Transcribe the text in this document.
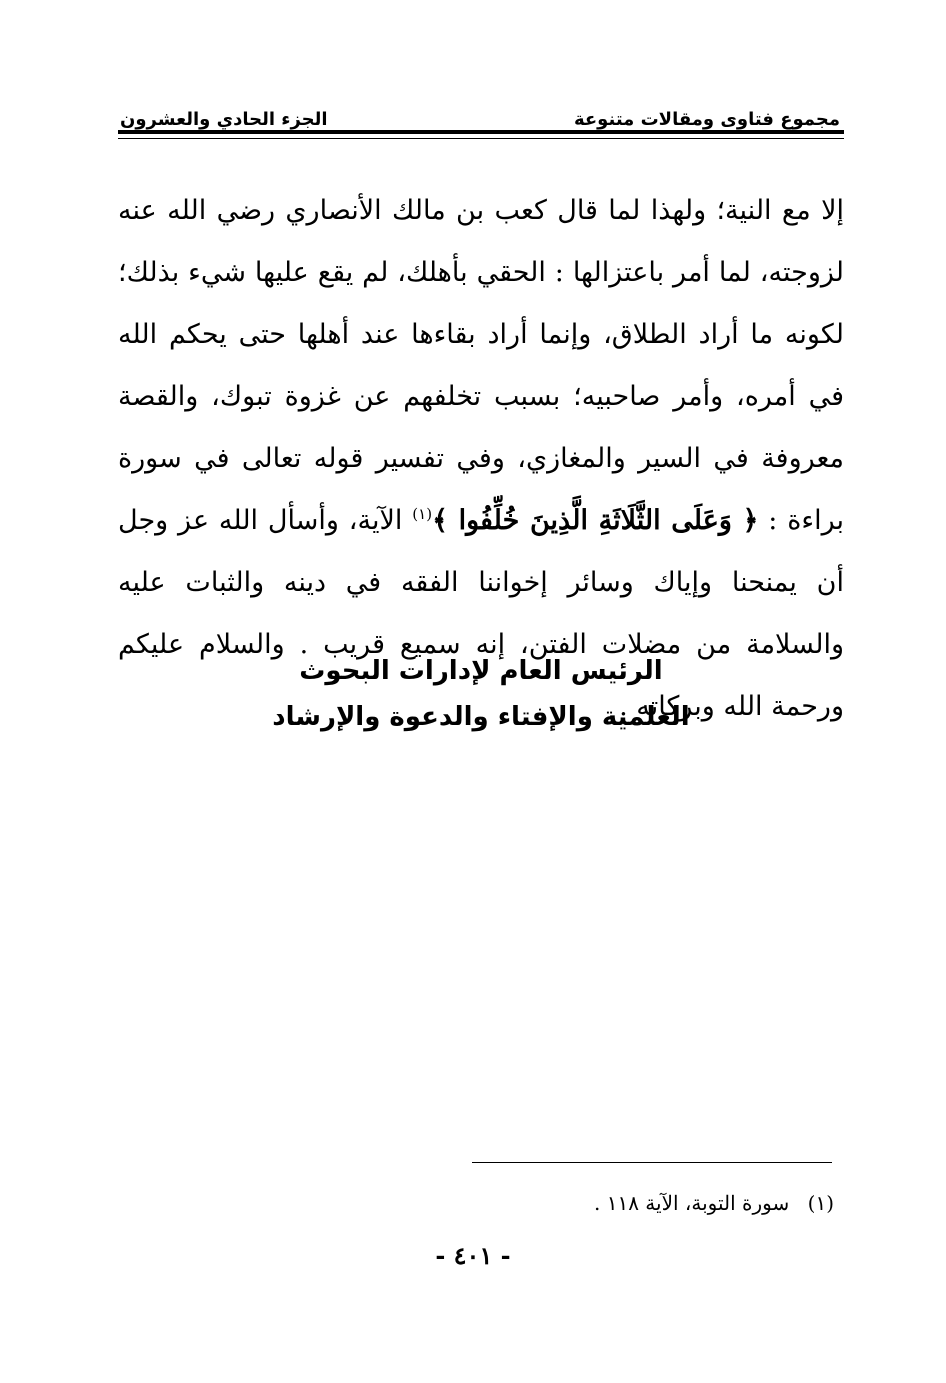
مجموع فتاوى ومقالات متنوعة
الجزء الحادي والعشرون

إلا مع النية؛ ولهذا لما قال كعب بن مالك الأنصاري رضي الله عنه لزوجته، لما أمر باعتزالها : الحقي بأهلك، لم يقع عليها شيء بذلك؛ لكونه ما أراد الطلاق، وإنما أراد بقاءها عند أهلها حتى يحكم الله في أمره، وأمر صاحبيه؛ بسبب تخلفهم عن غزوة تبوك، والقصة معروفة في السير والمغازي، وفي تفسير قوله تعالى في سورة براءة : ﴿ وَعَلَى الثَّلَاثَةِ الَّذِينَ خُلِّفُوا ﴾$^{(١)}$ الآية، وأسأل الله عز وجل أن يمنحنا وإياك وسائر إخواننا الفقه في دينه والثبات عليه والسلامة من مضلات الفتن، إنه سميع قريب . والسلام عليكم ورحمة الله وبركاته .

الرئيس العام لإدارات البحوث
العلمية والإفتاء والدعوة والإرشاد
(١) سورة التوبة، الآية ١١٨ .
- ٤٠١ -
